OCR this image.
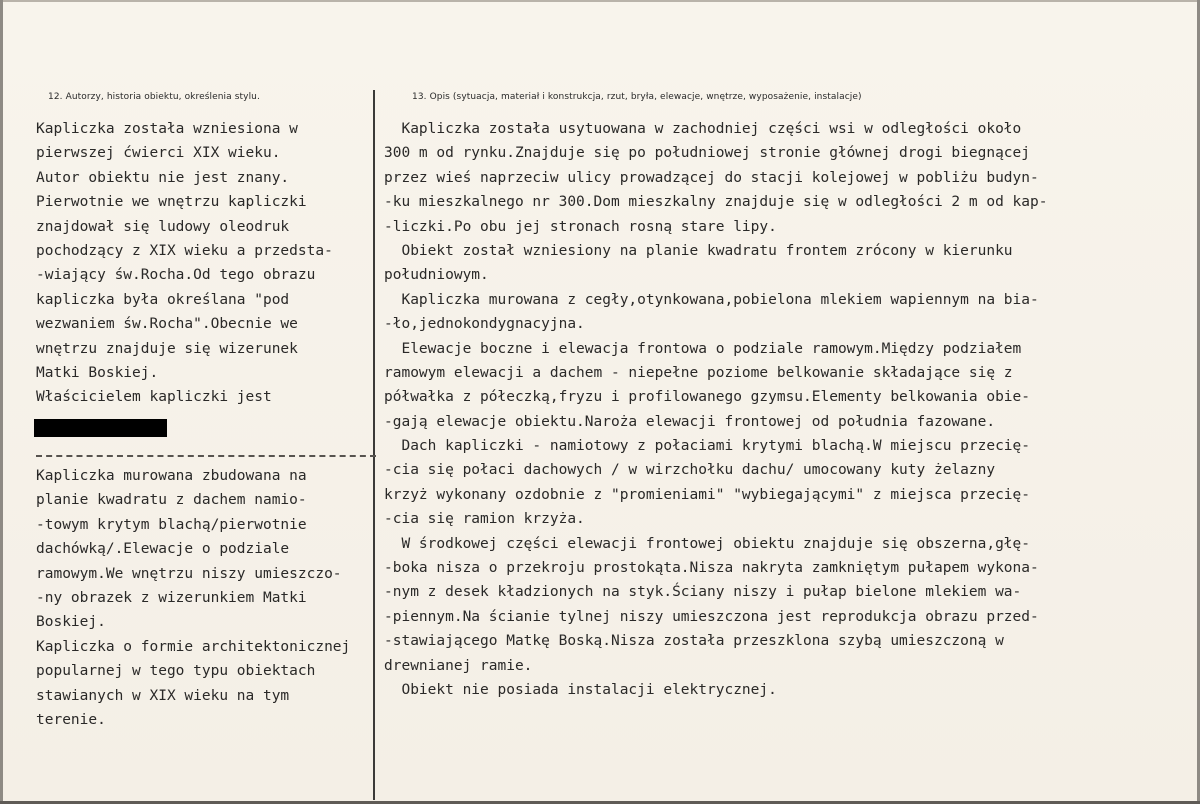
12. Autorzy, historia obiektu, określenia stylu.	13. Opis (sytuacja, materiał i konstrukcja, rzut, bryła, elewacje, wnętrze, wyposażenie, instalacje)
Kapliczka została wzniesiona w
pierwszej ćwierci XIX wieku.
Autor obiektu nie jest znany.
Pierwotnie we wnętrzu kapliczki
znajdował się ludowy oleodruk
pochodzący z XIX wieku a przedsta-
-wiający św.Rocha.Od tego obrazu
kapliczka była określana "pod
wezwaniem św.Rocha".Obecnie we
wnętrzu znajduje się wizerunek
Matki Boskiej.
Właścicielem kapliczki jest
Kapliczka murowana zbudowana na
planie kwadratu z dachem namio-
-towym krytym blachą/pierwotnie
dachówką/.Elewacje o podziale
ramowym.We wnętrzu niszy umieszczo-
-ny obrazek z wizerunkiem Matki
Boskiej.
Kapliczka o formie architektonicznej
popularnej w tego typu obiektach
stawianych w XIX wieku na tym
terenie.
Kapliczka została usytuowana w zachodniej części wsi w odległości około
300 m od rynku.Znajduje się po południowej stronie głównej drogi biegnącej
przez wieś naprzeciw ulicy prowadzącej do stacji kolejowej w pobliżu budyn-
-ku mieszkalnego nr 300.Dom mieszkalny znajduje się w odległości 2 m od kap-
-liczki.Po obu jej stronach rosną stare lipy.
Obiekt został wzniesiony na planie kwadratu frontem zrócony w kierunku
południowym.
Kapliczka murowana z cegły,otynkowana,pobielona mlekiem wapiennym na bia-
-ło,jednokondygnacyjna.
Elewacje boczne i elewacja frontowa o podziale ramowym.Między podziałem
ramowym elewacji a dachem - niepełne poziome belkowanie składające się z
półwałka z półeczką,fryzu i profilowanego gzymsu.Elementy belkowania obie-
-gają elewacje obiektu.Naroża elewacji frontowej od południa fazowane.
Dach kapliczki - namiotowy z połaciami krytymi blachą.W miejscu przecię-
-cia się połaci dachowych / w wirzchołku dachu/ umocowany kuty żelazny
krzyż wykonany ozdobnie z "promieniami" "wybiegającymi" z miejsca przecię-
-cia się ramion krzyża.
W środkowej części elewacji frontowej obiektu znajduje się obszerna,głę-
-boka nisza o przekroju prostokąta.Nisza nakryta zamkniętym pułapem wykona-
-nym z desek kładzionych na styk.Ściany niszy i pułap bielone mlekiem wa-
-piennym.Na ścianie tylnej niszy umieszczona jest reprodukcja obrazu przed-
-stawiającego Matkę Boską.Nisza została przeszklona szybą umieszczoną w
drewnianej ramie.
Obiekt nie posiada instalacji elektrycznej.
